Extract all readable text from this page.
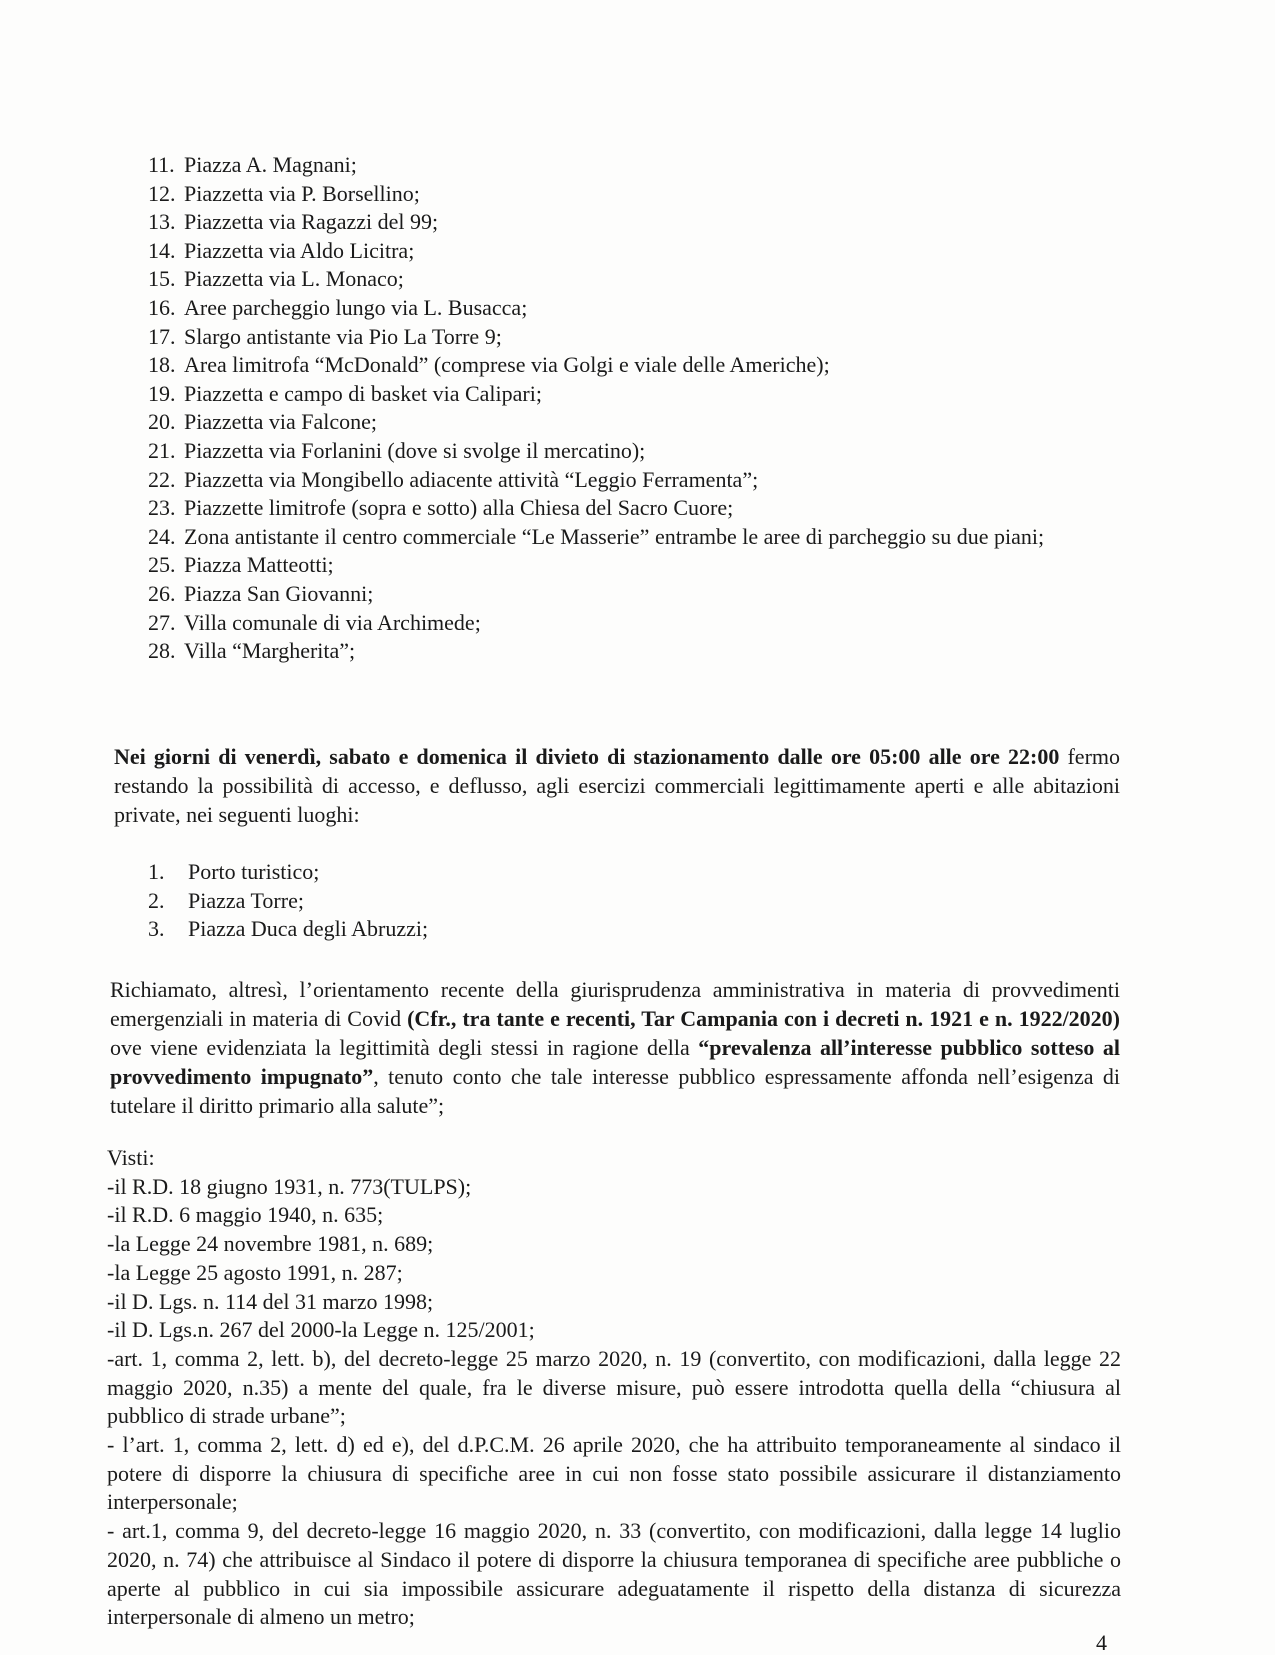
11. Piazza A. Magnani;
12. Piazzetta via P. Borsellino;
13. Piazzetta via Ragazzi del 99;
14. Piazzetta via Aldo Licitra;
15. Piazzetta via L. Monaco;
16. Aree parcheggio lungo via L. Busacca;
17. Slargo antistante via Pio La Torre 9;
18. Area limitrofa “McDonald” (comprese via Golgi e viale delle Americhe);
19. Piazzetta e campo di basket via Calipari;
20. Piazzetta via Falcone;
21. Piazzetta via Forlanini (dove si svolge il mercatino);
22. Piazzetta via Mongibello adiacente attività “Leggio Ferramenta”;
23. Piazzette limitrofe (sopra e sotto) alla Chiesa del Sacro Cuore;
24. Zona antistante il centro commerciale “Le Masserie” entrambe le aree di parcheggio su due piani;
25. Piazza Matteotti;
26. Piazza San Giovanni;
27. Villa comunale di via Archimede;
28. Villa “Margherita”;
Nei giorni di venerdì, sabato e domenica il divieto di stazionamento dalle ore 05:00 alle ore 22:00 fermo restando la possibilità di accesso, e deflusso, agli esercizi commerciali legittimamente aperti e alle abitazioni private, nei seguenti luoghi:
1.	Porto turistico;
2.	Piazza Torre;
3.	Piazza Duca degli Abruzzi;
Richiamato, altresì, l’orientamento recente della giurisprudenza amministrativa in materia di provvedimenti emergenziali in materia di Covid (Cfr., tra tante e recenti, Tar Campania con i decreti n. 1921 e n. 1922/2020) ove viene evidenziata la legittimità degli stessi in ragione della “prevalenza all’interesse pubblico sotteso al provvedimento impugnato”, tenuto conto che tale interesse pubblico espressamente affonda nell’esigenza di tutelare il diritto primario alla salute”;
Visti:
-il R.D. 18 giugno 1931, n. 773(TULPS);
-il R.D. 6 maggio 1940, n. 635;
-la Legge 24 novembre 1981, n. 689;
-la Legge 25 agosto 1991, n. 287;
-il D. Lgs. n. 114 del 31 marzo 1998;
-il D. Lgs.n. 267 del 2000-la Legge n. 125/2001;
-art. 1, comma 2, lett. b), del decreto-legge 25 marzo 2020, n. 19 (convertito, con modificazioni, dalla legge 22 maggio 2020, n.35) a mente del quale, fra le diverse misure, può essere introdotta quella della “chiusura al pubblico di strade urbane”;
- l’art. 1, comma 2, lett. d) ed e), del d.P.C.M. 26 aprile 2020, che ha attribuito temporaneamente al sindaco il potere di disporre la chiusura di specifiche aree in cui non fosse stato possibile assicurare il distanziamento interpersonale;
- art.1, comma 9, del decreto-legge 16 maggio 2020, n. 33 (convertito, con modificazioni, dalla legge 14 luglio 2020, n. 74) che attribuisce al Sindaco il potere di disporre la chiusura temporanea di specifiche aree pubbliche o aperte al pubblico in cui sia impossibile assicurare adeguatamente il rispetto della distanza di sicurezza interpersonale di almeno un metro;
4
